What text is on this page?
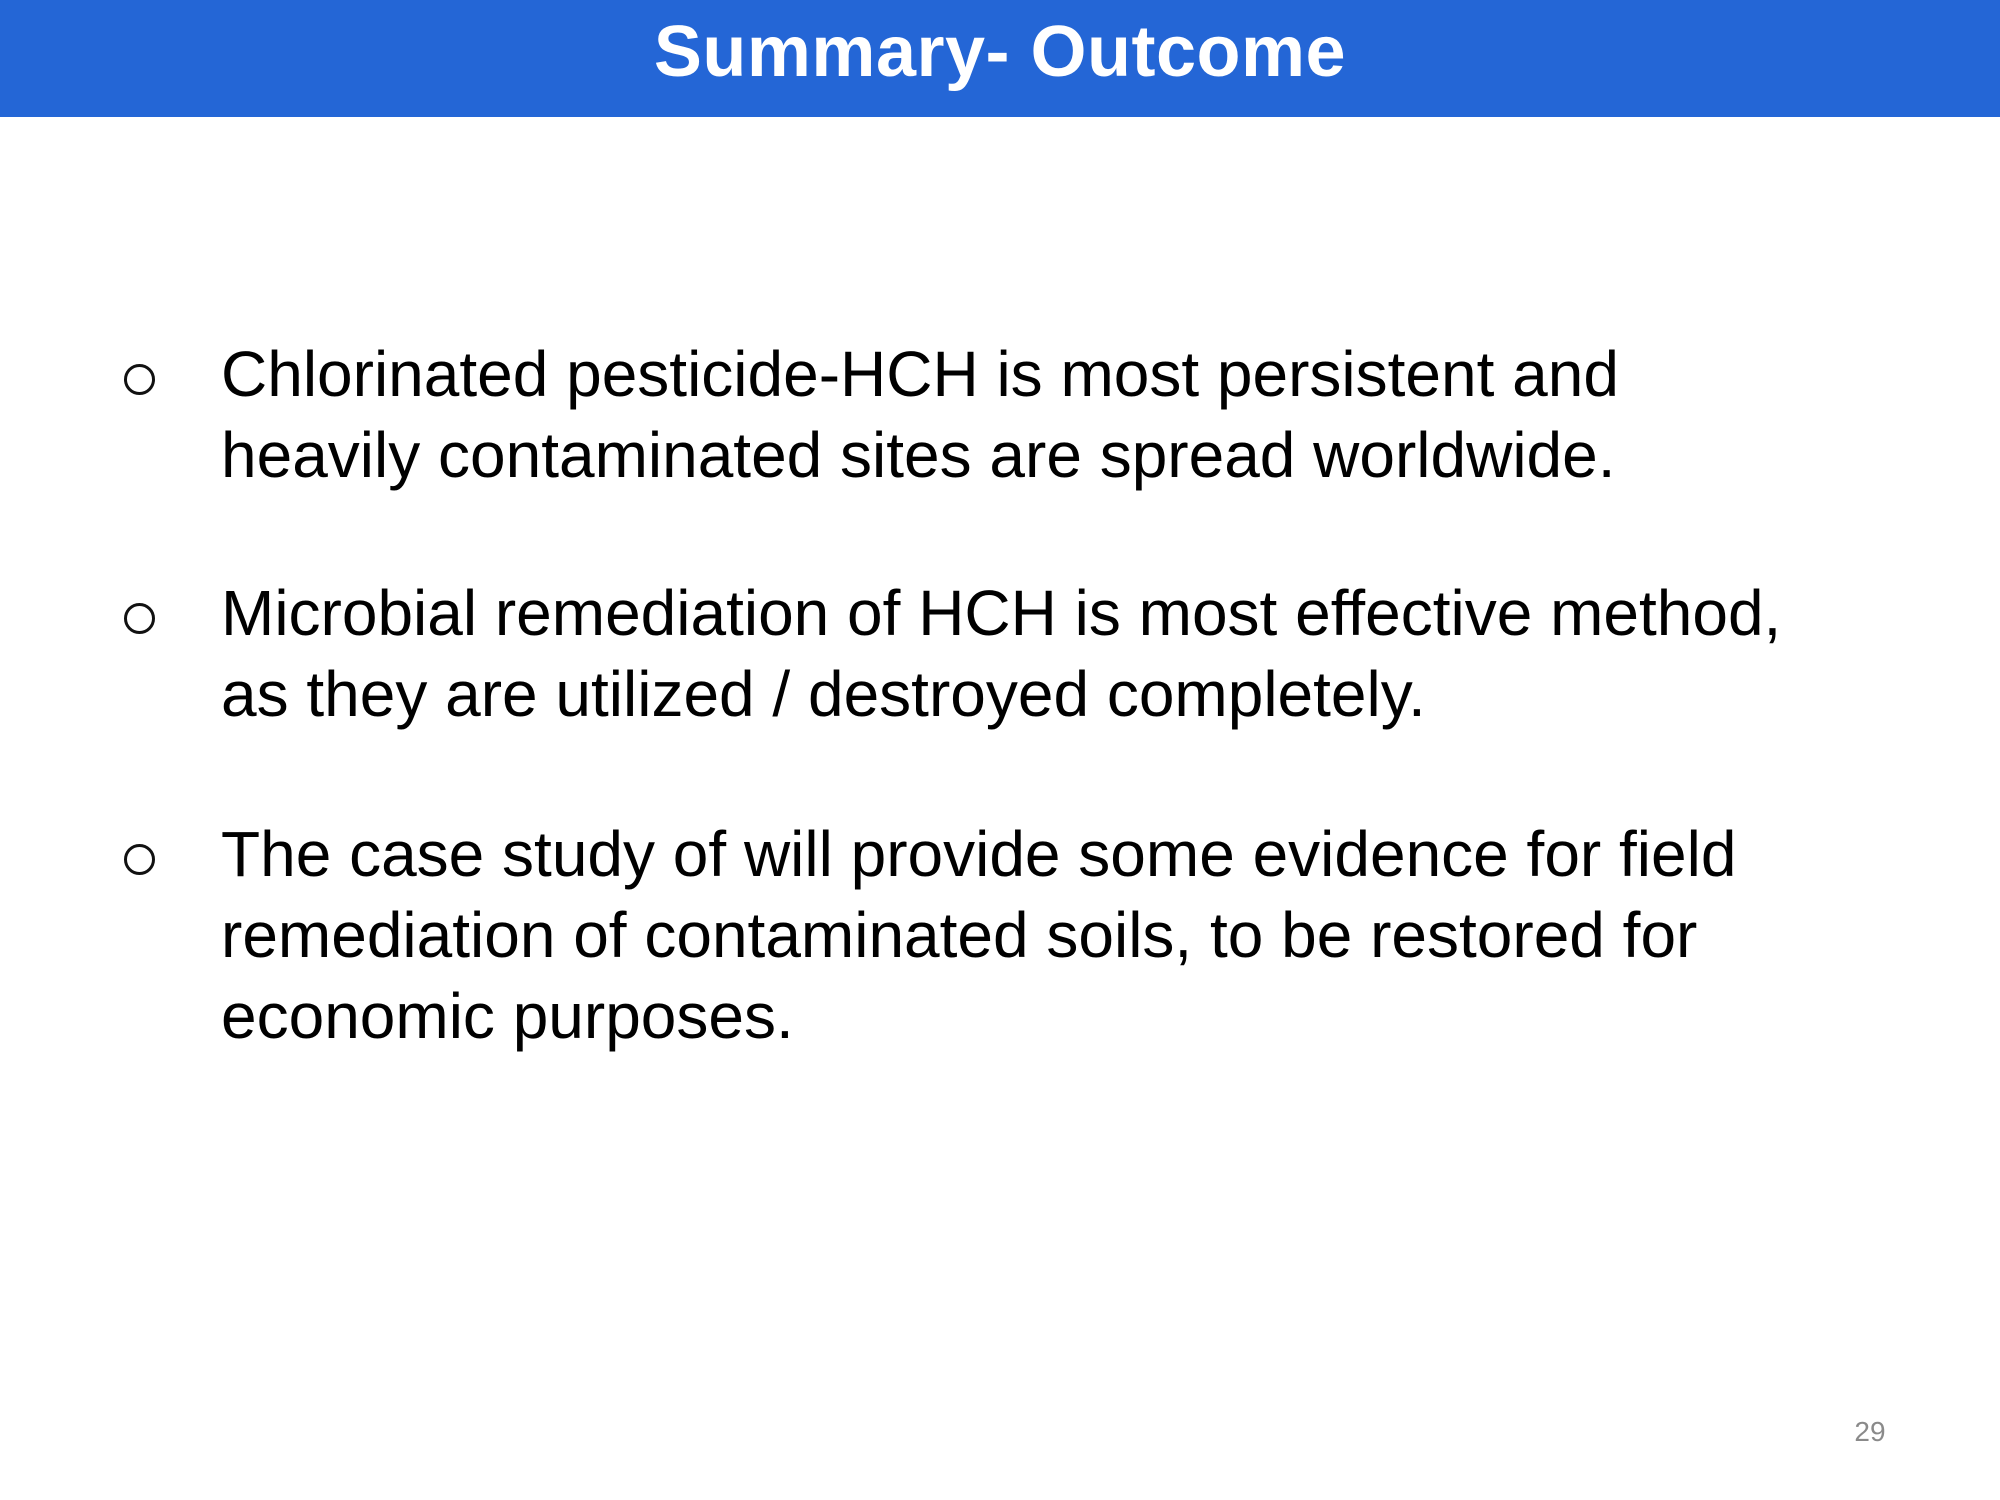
Summary- Outcome
Chlorinated pesticide-HCH is most persistent and
heavily contaminated sites are spread worldwide.
Microbial remediation of HCH is most effective method,
as they are utilized / destroyed completely.
The case study of will provide some evidence for field
remediation of contaminated soils, to be restored for
economic purposes.
29
